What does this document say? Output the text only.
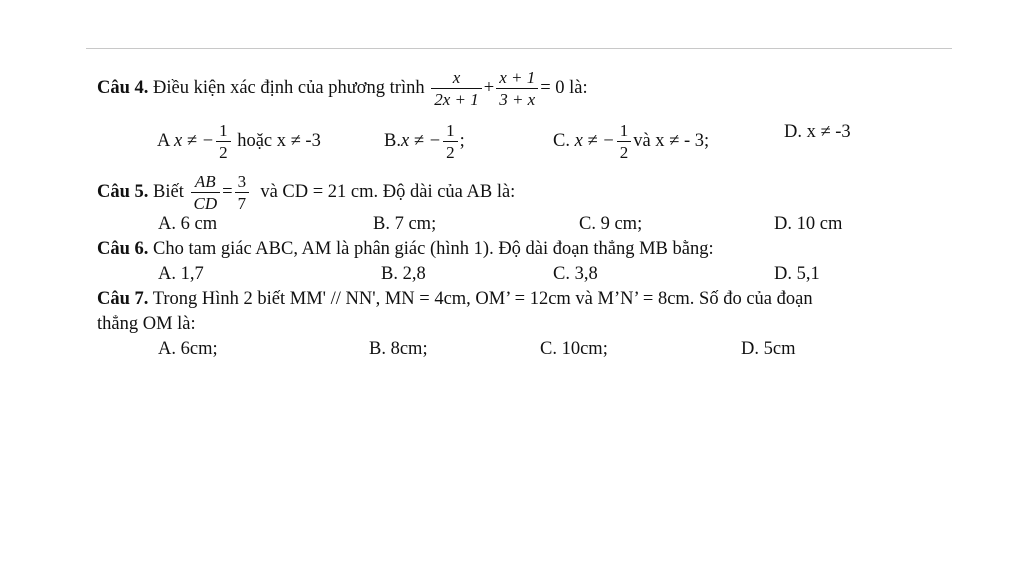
Câu 4. Điều kiện xác định của phương trình $\frac{x}{2x + 1} + \frac{x + 1}{3 + x} = 0$ là:
A x ≠ − $\frac{1}{2}$ hoặc x ≠ -3	B.x ≠ − $\frac{1}{2}$ ;	C. x ≠ − $\frac{1}{2}$ và x ≠ - 3;	D. x ≠ -3
Câu 5. Biết $\frac{AB}{CD} = \frac{3}{7}$ và CD = 21 cm. Độ dài của AB là:
A. 6 cm	B. 7 cm;	C. 9 cm;	D. 10 cm
Câu 6. Cho tam giác ABC, AM là phân giác (hình 1). Độ dài đoạn thẳng MB bằng:
A. 1,7	B. 2,8	C. 3,8	D. 5,1
Câu 7. Trong Hình 2 biết MM' // NN', MN = 4cm, OM’ = 12cm và M’N’ = 8cm. Số đo của đoạn
thẳng OM là:
A. 6cm;	B. 8cm;	C. 10cm;	D. 5cm
